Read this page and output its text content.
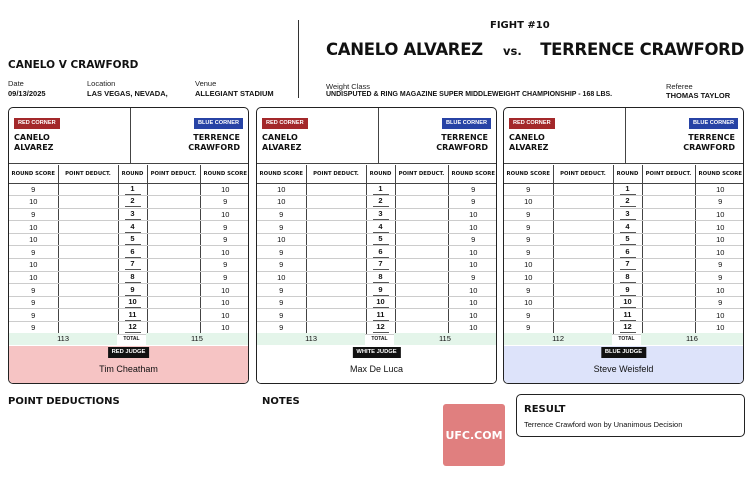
CANELO V CRAWFORD
Date
09/13/2025
Location
LAS VEGAS, NEVADA,
Venue
ALLEGIANT STADIUM
FIGHT #10
CANELO ALVAREZ vs. TERRENCE CRAWFORD
Weight Class
UNDISPUTED & RING MAGAZINE SUPER MIDDLEWEIGHT CHAMPIONSHIP - 168 LBS.
Referee
THOMAS TAYLOR
RED CORNER	BLUE CORNER
CANELO
ALVAREZ
TERRENCE
CRAWFORD
ROUND SCORE	POINT DEDUCT.	ROUND	POINT DEDUCT.	ROUND SCORE
9		1		10
10		2		9
9		3		10
10		4		9
10		5		9
9		6		10
10		7		9
10		8		9
9		9		10
9		10		10
9		11		10
9		12		10
113	TOTAL	115
RED JUDGE
Tim Cheatham
RED CORNER	BLUE CORNER
CANELO
ALVAREZ
TERRENCE
CRAWFORD
ROUND SCORE	POINT DEDUCT.	ROUND	POINT DEDUCT.	ROUND SCORE
10		1		9
10		2		9
9		3		10
9		4		10
10		5		9
9		6		10
9		7		10
10		8		9
9		9		10
9		10		10
9		11		10
9		12		10
113	TOTAL	115
WHITE JUDGE
Max De Luca
RED CORNER	BLUE CORNER
CANELO
ALVAREZ
TERRENCE
CRAWFORD
ROUND SCORE	POINT DEDUCT.	ROUND	POINT DEDUCT.	ROUND SCORE
9		1		10
10		2		9
9		3		10
9		4		10
9		5		10
9		6		10
10		7		9
10		8		9
9		9		10
10		10		9
9		11		10
9		12		10
112	TOTAL	116
BLUE JUDGE
Steve Weisfeld
POINT DEDUCTIONS	NOTES
UFC.COM
RESULT
Terrence Crawford won by Unanimous Decision
